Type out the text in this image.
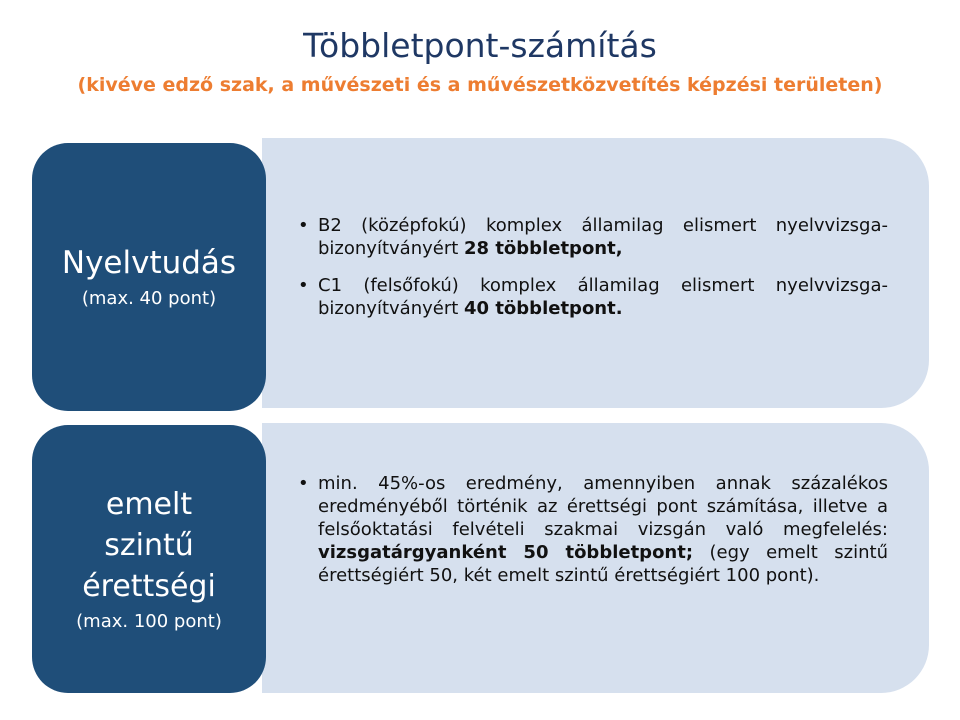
Többletpont-számítás
(kivéve edző szak, a művészeti és a művészetközvetítés képzési területen)
Nyelvtudás
(max. 40 pont)
• B2 (középfokú) komplex államilag elismert nyelvvizsga-bizonyítványért 28 többletpont,
• C1 (felsőfokú) komplex államilag elismert nyelvvizsga-bizonyítványért 40 többletpont.
emelt
szintű
érettségi
(max. 100 pont)
• min. 45%-os eredmény, amennyiben annak százalékos eredményéből történik az érettségi pont számítása, illetve a felsőoktatási felvételi szakmai vizsgán való megfelelés: vizsgatárgyanként 50 többletpont; (egy emelt szintű érettségiért 50, két emelt szintű érettségiért 100 pont).
